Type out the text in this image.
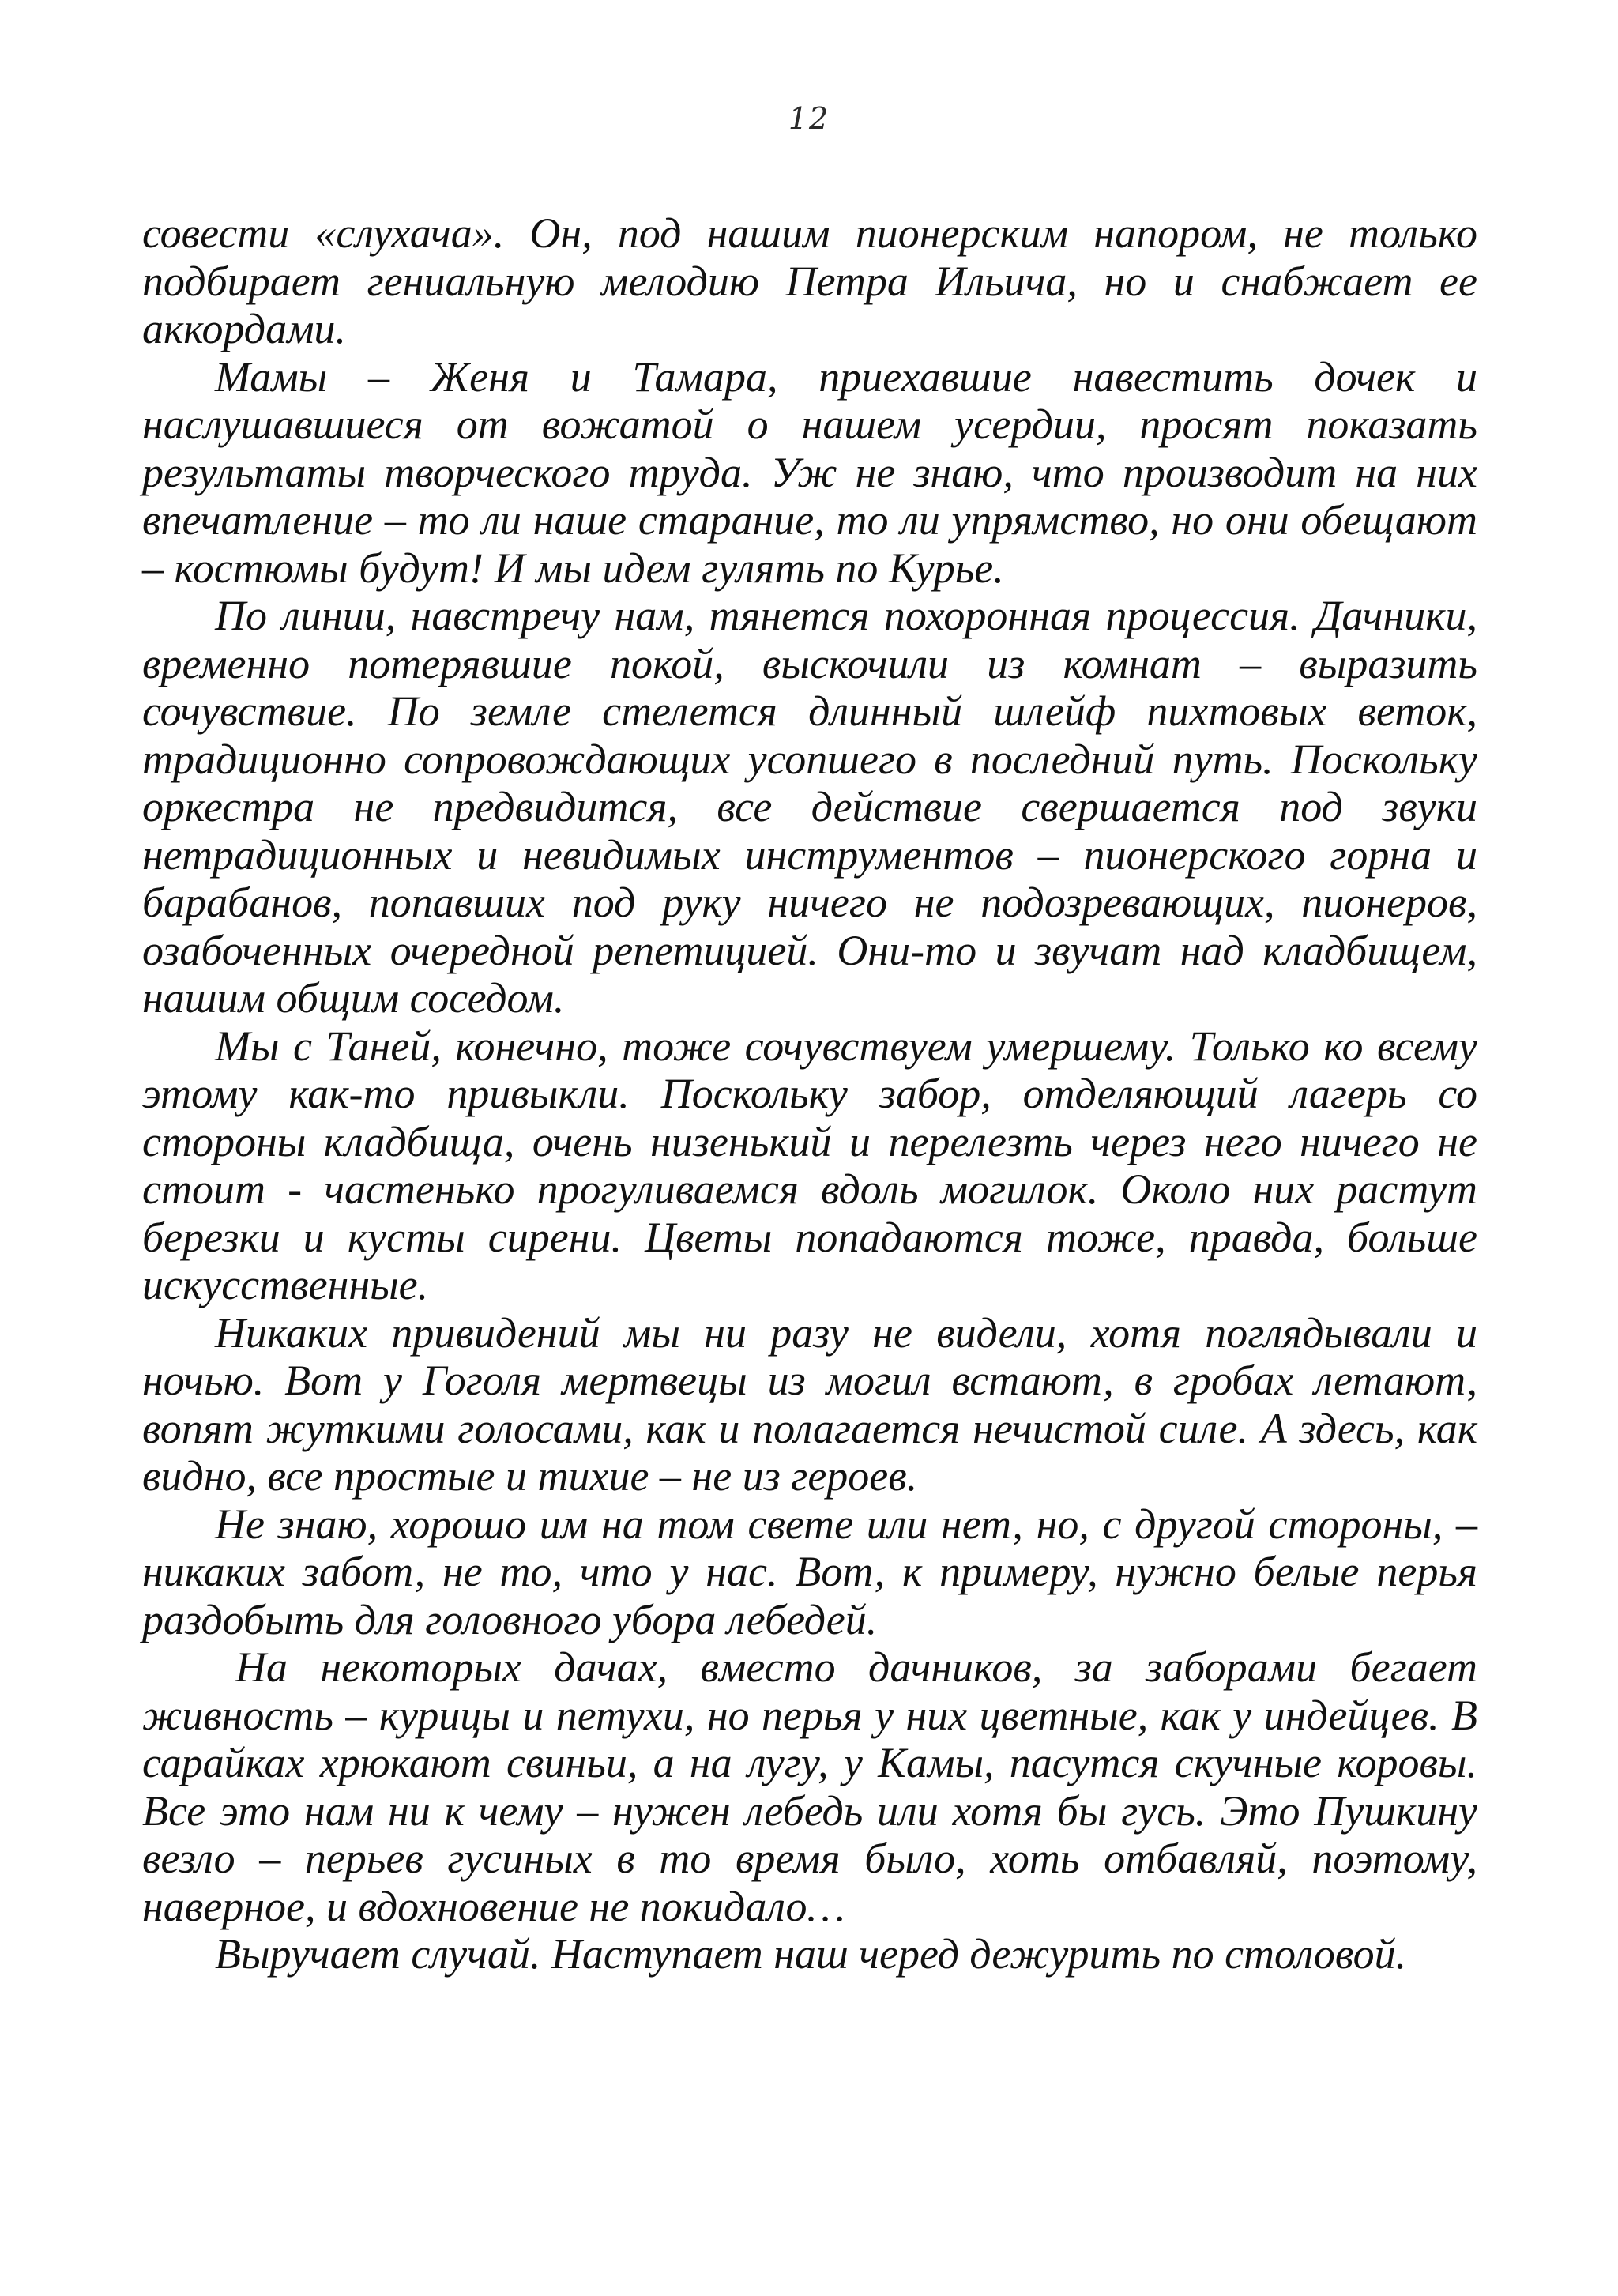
12

совести «слухача». Он, под нашим пионерским напором, не только подбирает гениальную мелодию Петра Ильича, но и снабжает ее аккордами.

Мамы – Женя и Тамара, приехавшие навестить дочек и наслушавшиеся от вожатой о нашем усердии, просят показать результаты творческого труда. Уж не знаю, что производит на них впечатление – то ли наше старание, то ли упрямство, но они обещают – костюмы будут! И мы идем гулять по Курье.

По линии, навстречу нам, тянется похоронная процессия. Дачники, временно потерявшие покой, выскочили из комнат – выразить сочувствие. По земле стелется длинный шлейф пихтовых веток, традиционно сопровождающих усопшего в последний путь. Поскольку оркестра не предвидится, все действие свершается под звуки нетрадиционных и невидимых инструментов – пионерского горна и барабанов, попавших под руку ничего не подозревающих, пионеров, озабоченных очередной репетицией. Они-то и звучат над кладбищем, нашим общим соседом.

Мы с Таней, конечно, тоже сочувствуем умершему. Только ко всему этому как-то привыкли. Поскольку забор, отделяющий лагерь со стороны кладбища, очень низенький и перелезть через него ничего не стоит - частенько прогуливаемся вдоль могилок. Около них растут березки и кусты сирени. Цветы попадаются тоже, правда, больше искусственные.

Никаких привидений мы ни разу не видели, хотя поглядывали и ночью. Вот у Гоголя мертвецы из могил встают, в гробах летают, вопят жуткими голосами, как и полагается нечистой силе. А здесь, как видно, все простые и тихие – не из героев.

Не знаю, хорошо им на том свете или нет, но, с другой стороны, – никаких забот, не то, что у нас. Вот, к примеру, нужно белые перья раздобыть для головного убора лебедей.

На некоторых дачах, вместо дачников, за заборами бегает живность – курицы и петухи, но перья у них цветные, как у индейцев. В сарайках хрюкают свиньи, а на лугу, у Камы, пасутся скучные коровы. Все это нам ни к чему – нужен лебедь или хотя бы гусь. Это Пушкину везло – перьев гусиных в то время было, хоть отбавляй, поэтому, наверное, и вдохновение не покидало…

Выручает случай. Наступает наш черед дежурить по столовой.
